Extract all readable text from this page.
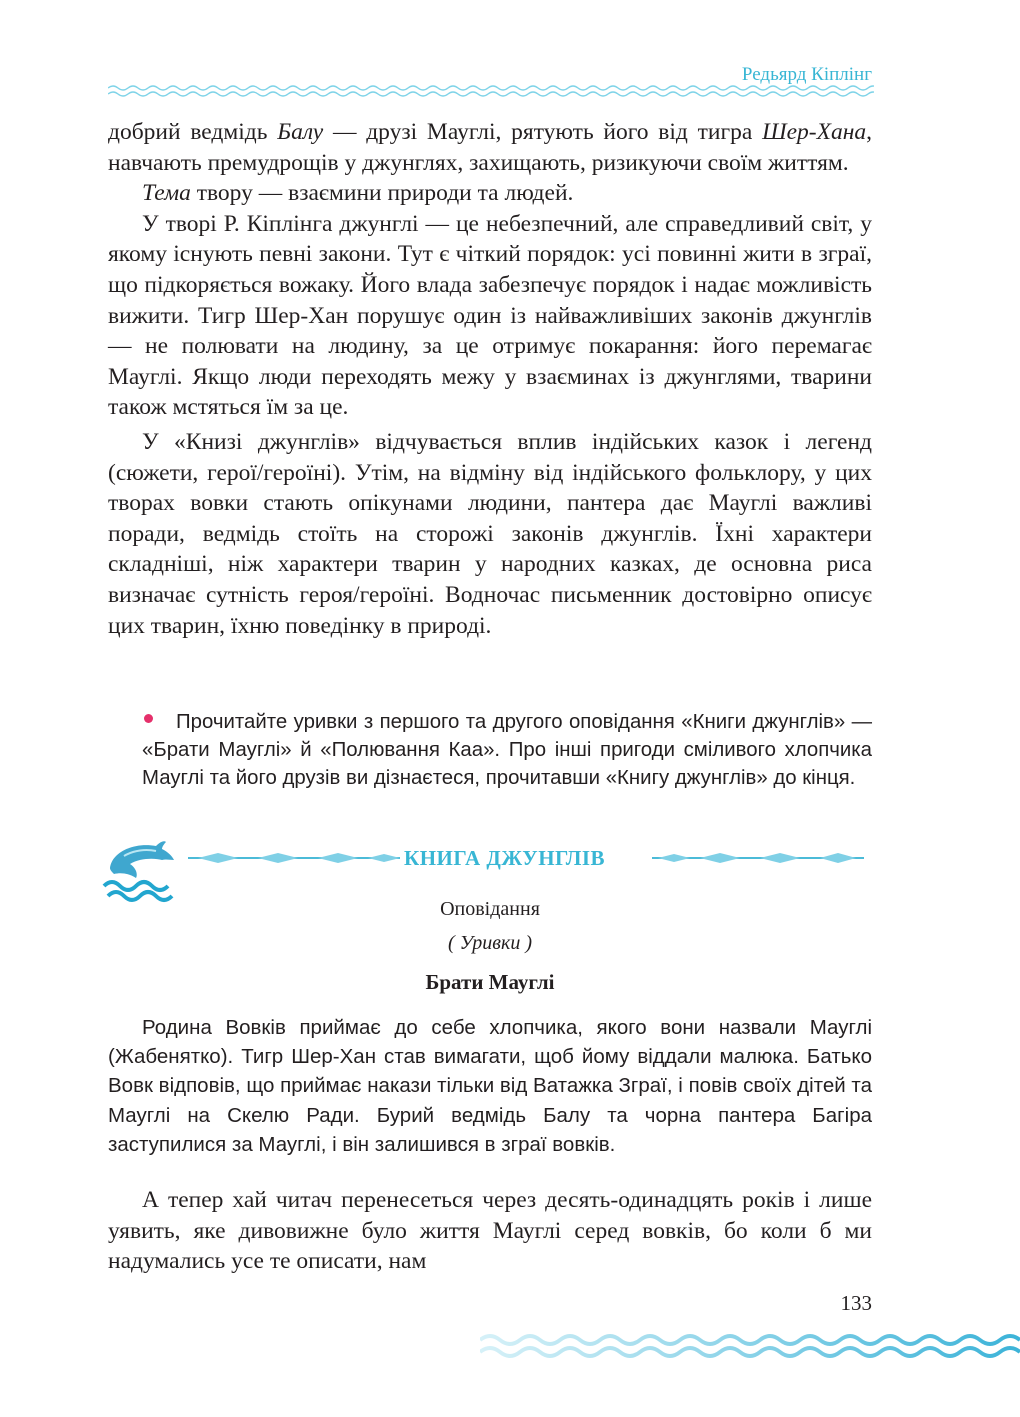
Редьярд Кіплінг

добрий ведмідь Балу — друзі Мауглі, рятують його від тигра Шер-Хана, навчають премудрощів у джунглях, захищають, ризикуючи своїм життям.

Тема твору — взаємини природи та людей.

У творі Р. Кіплінга джунглі — це небезпечний, але справедливий світ, у якому існують певні закони. Тут є чіткий порядок: усі повинні жити в зграї, що підкоряється вожаку. Його влада забезпечує порядок і надає можливість вижити. Тигр Шер-Хан порушує один із найважливіших законів джунглів — не полювати на людину, за це отримує покарання: його перемагає Мауглі. Якщо люди переходять межу у взаєминах із джунглями, тварини також мстяться їм за це.

У «Книзі джунглів» відчувається вплив індійських казок і легенд (сюжети, герої/героїні). Утім, на відміну від індійського фольклору, у цих творах вовки стають опікунами людини, пантера дає Мауглі важливі поради, ведмідь стоїть на сторожі законів джунглів. Їхні характери складніші, ніж характери тварин у народних казках, де основна риса визначає сутність героя/героїні. Водночас письменник достовірно описує цих тварин, їхню поведінку в природі.

Прочитайте уривки з першого та другого оповідання «Книги джунглів» — «Брати Мауглі» й «Полювання Каа». Про інші пригоди сміливого хлопчика Мауглі та його друзів ви дізнаєтеся, прочитавши «Книгу джунглів» до кінця.
КНИГА ДЖУНГЛІВ
Оповідання
( Уривки )
Брати Мауглі

Родина Вовків приймає до себе хлопчика, якого вони назвали Мауглі (Жабенятко). Тигр Шер-Хан став вимагати, щоб йому віддали малюка. Батько Вовк відповів, що приймає накази тільки від Ватажка Зграї, і повів своїх дітей та Мауглі на Скелю Ради. Бурий ведмідь Балу та чорна пантера Багіра заступилися за Мауглі, і він залишився в зграї вовків.

А тепер хай читач перенесеться через десять-одинадцять років і лише уявить, яке дивовижне було життя Мауглі серед вовків, бо коли б ми надумались усе те описати, нам

133
